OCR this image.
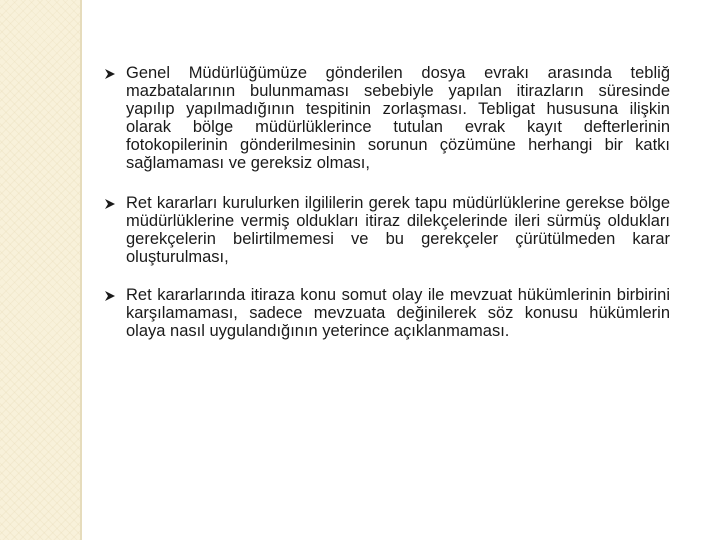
Genel Müdürlüğümüze gönderilen dosya evrakı arasında tebliğ mazbatalarının bulunmaması sebebiyle yapılan itirazların süresinde yapılıp yapılmadığının tespitinin zorlaşması. Tebligat hususuna ilişkin olarak bölge müdürlüklerince tutulan evrak kayıt defterlerinin fotokopilerinin gönderilmesinin sorunun çözümüne herhangi bir katkı sağlamaması ve gereksiz olması,
Ret kararları kurulurken ilgililerin gerek tapu müdürlüklerine gerekse bölge müdürlüklerine vermiş oldukları itiraz dilekçelerinde ileri sürmüş oldukları gerekçelerin belirtilmemesi ve bu gerekçeler çürütülmeden karar oluşturulması,
Ret kararlarında itiraza konu somut olay ile mevzuat hükümlerinin birbirini karşılamaması, sadece mevzuata değinilerek söz konusu hükümlerin olaya nasıl uygulandığının yeterince açıklanmaması.
